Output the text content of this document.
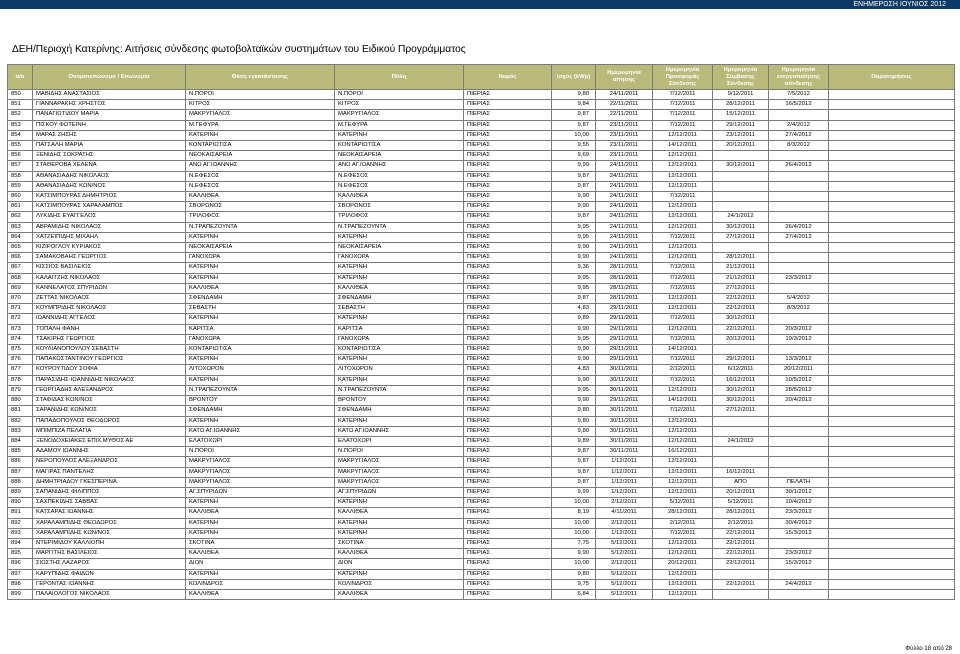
ΕΝΗΜΕΡΩΣΗ ΙΟΥΝΙΟΣ 2012
ΔΕΗ/Περιοχή Κατερίνης: Αιτήσεις σύνδεσης φωτοβολταϊκών συστημάτων του Ειδικού Προγράμματος
α/α	Ονοματεπώνυμο / Επωνυμία	Θέση εγκατάστασης	Πόλη	Νομός	Ισχύς (kWp)	Ημερομηνία αίτησης	Ημερομηνία Προσφοράς Σύνδεσης	Ημερομηνία Σύμβασης Σύνδεσης	Ημερομηνία ενεργοποίησης σύνδεσης	Παρατηρήσεις
850	ΜΑΒΙΔΗΣ ΑΝΑΣΤΑΣΙΟΣ	Ν.ΠΟΡΟΙ	Ν.ΠΟΡΟΙ	ΠΙΕΡΙΑΣ	9,80	24/11/2011	7/12/2011	9/12/2011	7/5/2012	
851	ΓΙΑΝΝΑΡΑΚΗΣ ΧΡΗΣΤΟΣ	ΚΙΤΡΟΣ	ΚΙΤΡΟΣ	ΠΙΕΡΙΑΣ	9,84	22/11/2011	7/12/2011	28/12/2011	16/5/2012	
852	ΠΑΝΑΓΙΩΤΙΔΟΥ ΜΑΡΙΑ	ΜΑΚΡΥΓΙΑΛΟΣ	ΜΑΚΡΥΓΙΑΛΟΣ	ΠΙΕΡΙΑΣ	9,87	22/11/2011	7/12/2011	15/12/2011		
853	ΠΙΣΚΟΥ ΦΩΤΕΙΝΗ	Μ.ΓΕΦΥΡΑ	Μ.ΓΕΦΥΡΑ	ΠΙΕΡΙΑΣ	9,87	23/11/2011	7/12/2011	29/12/2011	2/4/2012	
854	ΜΑΡΑΣ ΖΗΣΗΣ	ΚΑΤΕΡΙΝΗ	ΚΑΤΕΡΙΝΗ	ΠΙΕΡΙΑΣ	10,00	23/11/2011	12/12/2011	23/12/2011	27/4/2012	
855	ΠΑΤΣΑΛΗ ΜΑΡΙΑ	ΚΟΝΤΑΡΙΩΤΙΣΑ	ΚΟΝΤΑΡΙΩΤΙΣΑ	ΠΙΕΡΙΑΣ	9,55	23/11/2011	14/12/2011	20/12/2011	8/3/2012	
856	ΞΕΝΙΔΗΣ ΣΩΚΡΑΤΗΣ	ΝΕΟΚΑΙΣΑΡΕΙΑ	ΝΕΟΚΑΙΣΑΡΕΙΑ	ΠΙΕΡΙΑΣ	9,69	23/11/2011	12/12/2011			
857	ΣΤΑΘΕΡΟΒΑ ΧΕΛΕΝΑ	ΑΝΩ ΑΓ.ΙΩΑΝΝΗΣ	ΑΝΩ ΑΓ.ΙΩΑΝΝΗΣ	ΠΙΕΡΙΑΣ	9,99	24/11/2011	12/12/2011	30/12/2011	26/4/2012	
858	ΑΘΑΝΑΣΙΑΔΗΣ ΝΙΚΟΛΑΟΣ	Ν.ΕΦΕΣΟΣ	Ν.ΕΦΕΣΟΣ	ΠΙΕΡΙΑΣ	9,87	24/11/2011	12/12/2011			
859	ΑΘΑΝΑΣΙΑΔΗΣ ΚΩΝ/ΝΟΣ	Ν.ΕΦΕΣΟΣ	Ν.ΕΦΕΣΟΣ	ΠΙΕΡΙΑΣ	9,87	24/11/2011	12/12/2011			
860	ΚΑΤΣΙΜΠΟΥΡΑΣ ΔΗΜΗΤΡΙΟΣ	ΚΑΛΛΙΘΕΑ	ΚΑΛΛΙΘΕΑ	ΠΙΕΡΙΑΣ	9,90	24/11/2011	7/12/2011			
861	ΚΑΤΣΙΜΠΟΥΡΑΣ ΧΑΡΑΛΑΜΠΟΣ	ΣΒΟΡΩΝΟΣ	ΣΒΟΡΩΝΟΣ	ΠΙΕΡΙΑΣ	9,90	24/11/2011	12/12/2011			
862	ΛΥΚΙΔΗΣ ΕΥΑΓΓΕΛΟΣ	ΤΡΙΛΟΦΟΣ	ΤΡΙΛΟΦΟΣ	ΠΙΕΡΙΑΣ	9,87	24/11/2011	12/12/2011	24/1/2012		
863	ΑΒΡΑΜΙΔΗΣ ΝΙΚΟΛΑΟΣ	Ν.ΤΡΑΠΕΖΟΥΝΤΑ	Ν.ΤΡΑΠΕΖΟΥΝΤΑ	ΠΙΕΡΙΑΣ	9,95	24/11/2011	12/12/2011	30/12/2011	26/4/2012	
864	ΧΑΤΖΕΙΠΙΔΗΣ ΜΙΧΑΗΛ	ΚΑΤΕΡΙΝΗ	ΚΑΤΕΡΙΝΗ	ΠΙΕΡΙΑΣ	9,95	24/11/2011	7/12/2011	27/12/2011	27/4/2012	
865	ΚΙΖΙΡΟΓΛΟΥ ΚΥΡΙΑΚΟΣ	ΝΕΟΚΑΙΣΑΡΕΙΑ	ΝΕΟΚΑΙΣΑΡΕΙΑ	ΠΙΕΡΙΑΣ	9,90	24/11/2011	12/12/2011			
866	ΣΑΜΑΚΟΒΑΗΣ ΓΕΩΡΓΙΟΣ	ΓΑΝΟΧΩΡΑ	ΓΑΝΟΧΩΡΑ	ΠΙΕΡΙΑΣ	9,90	24/11/2011	12/12/2011	28/12/2011		
867	ΚΙΣΣΙΟΣ ΒΑΣΙΛΕΙΟΣ	ΚΑΤΕΡΙΝΗ	ΚΑΤΕΡΙΝΗ	ΠΙΕΡΙΑΣ	9,36	28/11/2011	7/12/2011	21/12/2011		
868	ΚΑΛΑΙΤΖΗΣ ΝΙΚΟΛΑΟΣ	ΚΑΤΕΡΙΝΗ	ΚΑΤΕΡΙΝΗ	ΠΙΕΡΙΑΣ	9,95	28/11/2011	7/12/2011	21/12/2011	23/3/2012	
869	ΚΑΝΝΕΛΑΤΟΣ ΣΠΥΡΙΔΩΝ	ΚΑΛΛΙΘΕΑ	ΚΑΛΛΙΘΕΑ	ΠΙΕΡΙΑΣ	9,95	28/11/2011	7/12/2011	27/12/2011		
870	ΖΕΤΤΑΣ ΝΙΚΟΛΑΟΣ	ΣΦΕΝΔΑΜΗ	ΣΦΕΝΔΑΜΗ	ΠΙΕΡΙΑΣ	9,87	28/11/2011	12/12/2011	22/12/2011	5/4/2012	
871	ΚΟΥΜΠΡΙΔΗΣ ΝΙΚΟΛΑΟΣ	ΣΕΒΑΣΤΗ	ΣΕΒΑΣΤΗ	ΠΙΕΡΙΑΣ	4,83	29/11/2011	12/12/2011	22/12/2011	8/3/2012	
872	ΙΩΑΝΝΙΔΗΣ ΑΓΓΕΛΟΣ	ΚΑΤΕΡΙΝΗ	ΚΑΤΕΡΙΝΗ	ΠΙΕΡΙΑΣ	9,89	29/11/2011	7/12/2011	30/12/2011		
873	ΤΟΠΑΛΗ ΦΑΝΗ	ΚΑΡΙΤΣΑ	ΚΑΡΙΤΣΑ	ΠΙΕΡΙΑΣ	9,90	29/11/2011	12/12/2011	22/12/2011	20/3/2012	
874	ΤΣΑΚΙΡΗΣ ΓΕΩΡΓΙΟΣ	ΓΑΝΟΧΩΡΑ	ΓΑΝΟΧΩΡΑ	ΠΙΕΡΙΑΣ	9,95	29/11/2011	7/12/2011	20/12/2011	19/3/2012	
875	ΚΟΥΛΙΑΝΟΠΟΥΛΟΥ ΣΕΒΑΣΤΗ	ΚΟΝΤΑΡΙΩΤΙΣΑ	ΚΟΝΤΑΡΙΩΤΙΣΑ	ΠΙΕΡΙΑΣ	9,90	29/11/2011	14/12/2011			
876	ΠΑΠΑΚΩΣΤΑΝΤΙΝΟΥ ΓΕΩΡΓΙΟΣ	ΚΑΤΕΡΙΝΗ	ΚΑΤΕΡΙΝΗ	ΠΙΕΡΙΑΣ	9,90	29/11/2011	7/12/2011	29/12/2011	13/3/2012	
877	ΚΟΥΡΟΥΤΙΔΟΥ ΣΟΦΙΑ	ΛΙΤΟΧΩΡΟΝ	ΛΙΤΟΧΩΡΟΝ	ΠΙΕΡΙΑΣ	4,83	30/11/2011	2/12/2011	6/12/2011	20/12/2011	
878	ΠΑΡΑΣΙΔΗΣ-ΙΩΑΝΝΙΔΗΣ ΝΙΚΟΛΑΟΣ	ΚΑΤΕΡΙΝΗ	ΚΑΤΕΡΙΝΗ	ΠΙΕΡΙΑΣ	9,90	30/11/2011	7/12/2011	16/12/2011	10/5/2012	
879	ΓΕΩΡΓΙΑΔΗΣ ΑΛΕΞΑΝΔΡΟΣ	Ν.ΤΡΑΠΕΖΟΥΝΤΑ	Ν.ΤΡΑΠΕΖΟΥΝΤΑ	ΠΙΕΡΙΑΣ	9,95	30/11/2011	12/12/2011	30/12/2011	28/5/2012	
880	ΣΤΑΦΙΔΑΣ ΚΩΝ/ΝΟΣ	ΒΡΟΝΤΟΥ	ΒΡΟΝΤΟΥ	ΠΙΕΡΙΑΣ	9,90	29/11/2011	14/12/2011	30/12/2011	20/4/2012	
881	ΣΑΡΑΝΙΔΗΣ ΚΩΝ/ΝΟΣ	ΣΦΕΝΔΑΜΗ	ΣΦΕΝΔΑΜΗ	ΠΙΕΡΙΑΣ	9,80	30/11/2011	7/12/2011	27/12/2011		
882	ΠΑΠΑΔΟΠΟΥΛΟΣ ΘΕΟΔΩΡΟΣ	ΚΑΤΕΡΙΝΗ	ΚΑΤΕΡΙΝΗ	ΠΙΕΡΙΑΣ	9,80	30/11/2011	12/12/2011			
883	ΜΠΙΜΠΙΖΑ ΠΕΛΑΓΙΑ	ΚΑΤΩ ΑΓ.ΙΩΑΝΝΗΣ	ΚΑΤΩ ΑΓ.ΙΩΑΝΝΗΣ	ΠΙΕΡΙΑΣ	9,80	30/11/2011	12/12/2011			
884	ΞΕΝΟΔΟΧΕΙΑΚΕΣ ΕΠΙΧ.ΜΥΘΟΣ ΑΕ	ΕΛΑΤΟΧΩΡΙ	ΕΛΑΤΟΧΩΡΙ	ΠΙΕΡΙΑΣ	9,89	30/11/2011	12/12/2011	24/1/2012		
885	ΑΔΑΜΟΥ ΙΩΑΝΝΗΣ	Ν.ΠΟΡΟΙ	Ν.ΠΟΡΟΙ	ΠΙΕΡΙΑΣ	9,87	30/11/2011	16/12/2011			
886	ΝΕΡΟΠΟΥΛΟΣ ΑΛΕΞΑΝΔΡΟΣ	ΜΑΚΡΥΓΙΑΛΟΣ	ΜΑΚΡΥΓΙΑΛΟΣ	ΠΙΕΡΙΑΣ	9,87	1/12/2011	12/12/2011			
887	ΜΑΓΙΡΑΣ ΠΑΝΤΕΛΗΣ	ΜΑΚΡΥΓΙΑΛΟΣ	ΜΑΚΡΥΓΙΑΛΟΣ	ΠΙΕΡΙΑΣ	9,87	1/12/2011	12/12/2011	16/12/2011		
888	ΔΗΜΗΤΡΙΑΔΟΥ ΓΚΕΣΠΕΡΙΝΑ	ΜΑΚΡΥΓΙΑΛΟΣ	ΜΑΚΡΥΓΙΑΛΟΣ	ΠΙΕΡΙΑΣ	9,87	1/12/2011	12/12/2011	ΑΠΟ	ΠΕΛΑΤΗ	
889	ΣΑΠΑΝΙΔΗΣ ΦΙΛΙΠΠΟΣ	ΑΓ.ΣΠΥΡΙΔΩΝ	ΑΓ.ΣΠΥΡΙΔΩΝ	ΠΙΕΡΙΑΣ	9,99	1/12/2011	12/12/2011	20/12/2011	30/1/2012	
890	ΣΑΧΠΕΚΙΔΗΣ ΣΑΒΒΑΣ	ΚΑΤΕΡΙΝΗ	ΚΑΤΕΡΙΝΗ	ΠΙΕΡΙΑΣ	10,00	2/12/2011	5/12/2011	5/12/2011	10/4/2012	
891	ΚΑΤΣΑΡΑΣ ΙΩΑΝΝΗΣ	ΚΑΛΛΙΘΕΑ	ΚΑΛΛΙΘΕΑ	ΠΙΕΡΙΑΣ	8,19	4/11/2011	28/12/2011	28/12/2011	23/3/2012	
892	ΧΑΡΑΛΑΜΠΙΔΗΣ ΘΕΟΔΩΡΟΣ	ΚΑΤΕΡΙΝΗ	ΚΑΤΕΡΙΝΗ	ΠΙΕΡΙΑΣ	10,00	2/12/2011	2/12/2011	2/12/2011	30/4/2012	
893	ΧΑΡΑΛΑΜΠΙΔΗΣ ΚΩΝ/ΝΟΣ	ΚΑΤΕΡΙΝΗ	ΚΑΤΕΡΙΝΗ	ΠΙΕΡΙΑΣ	10,00	1/12/2011	7/12/2011	22/12/2011	15/3/2012	
894	ΝΤΕΡΙΜΙΔΟΥ ΚΑΛΛΙΟΠΗ	ΣΚΟΤΙΝΑ	ΣΚΟΤΙΝΑ	ΠΙΕΡΙΑΣ	7,75	5/12/2011	12/12/2011	22/12/2011		
895	ΜΑΡΓΙΤΗΣ ΒΑΣΙΛΕΙΟΣ	ΚΑΛΛΙΘΕΑ	ΚΑΛΛΙΘΕΑ	ΠΙΕΡΙΑΣ	9,90	5/12/2011	12/12/2011	22/12/2011	23/3/2012	
896	ΣΙΩΣΤΗΣ ΛΑΖΑΡΟΣ	ΔΙΟΝ	ΔΙΟΝ	ΠΙΕΡΙΑΣ	10,00	2/12/2011	20/12/2011	22/12/2011	15/3/2012	
897	ΚΑΡΥΠΙΔΗΣ ΦΑΙΔΩΝ	ΚΑΤΕΡΙΝΗ	ΚΑΤΕΡΙΝΗ	ΠΙΕΡΙΑΣ	9,80	5/12/2011	12/12/2011			
898	ΓΕΡΟΝΤΑΣ ΙΩΑΝΝΗΣ	ΚΟΛΙΝΔΡΟΣ	ΚΟΛΙΝΔΡΟΣ	ΠΙΕΡΙΑΣ	9,75	5/12/2011	12/12/2011	22/12/2011	24/4/2012	
899	ΠΑΛΑΙΟΛΟΓΟΣ ΝΙΚΟΛΑΟΣ	ΚΑΛΛΙΘΕΑ	ΚΑΛΛΙΘΕΑ	ΠΙΕΡΙΑΣ	6,84	5/12/2011	12/12/2011			
Φύλλο 18 από 28
